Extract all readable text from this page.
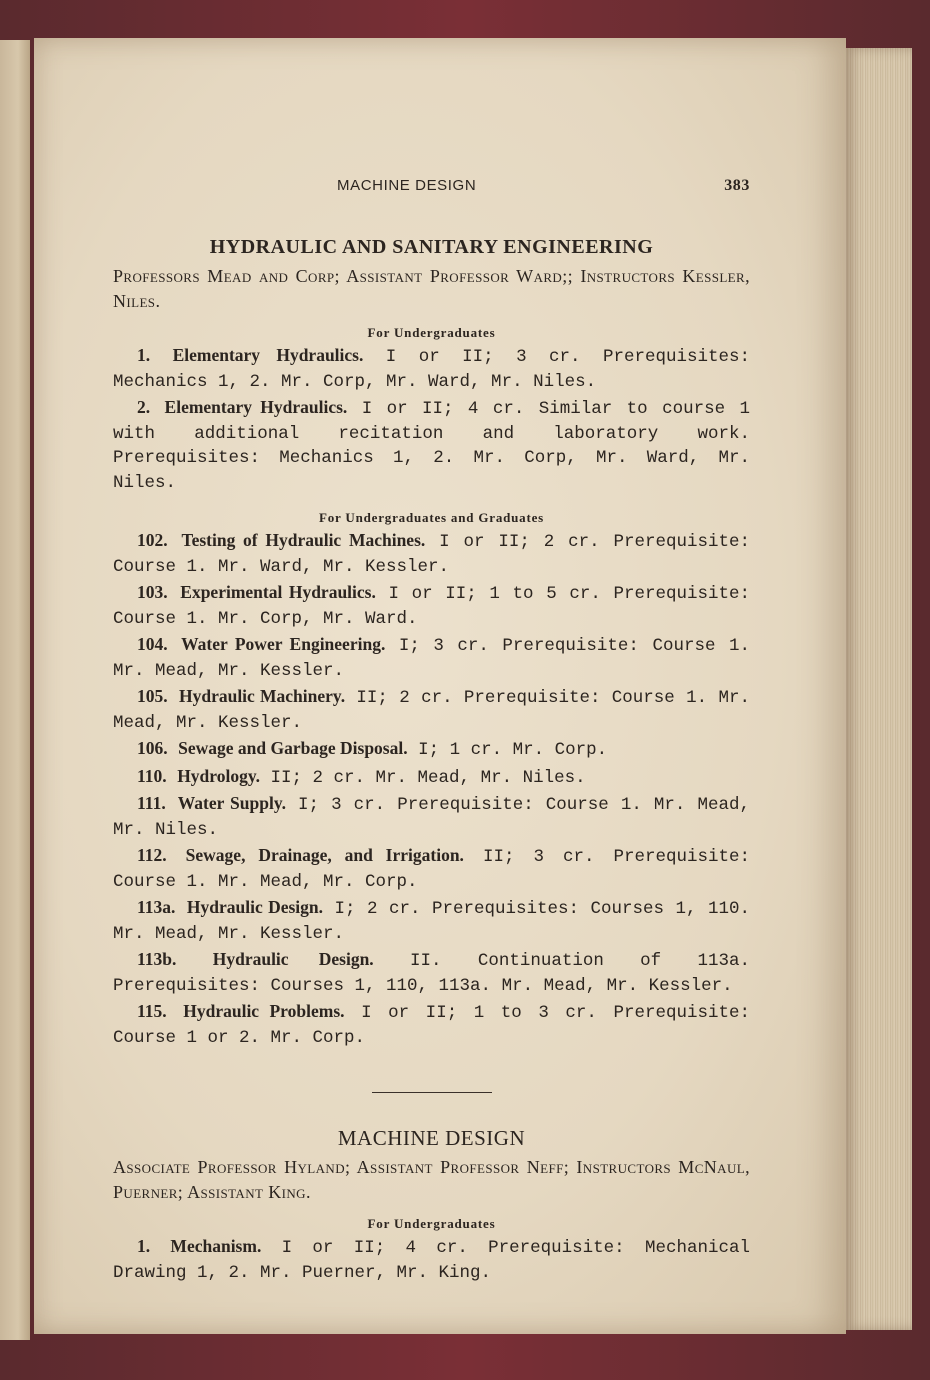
MACHINE DESIGN	383
HYDRAULIC AND SANITARY ENGINEERING
Professors Mead and Corp; Assistant Professor Ward;; Instructors Kessler, Niles.
For Undergraduates
1. Elementary Hydraulics. I or II; 3 cr. Prerequisites: Mechanics 1, 2. Mr. Corp, Mr. Ward, Mr. Niles.
2. Elementary Hydraulics. I or II; 4 cr. Similar to course 1 with additional recitation and laboratory work. Prerequisites: Mechanics 1, 2. Mr. Corp, Mr. Ward, Mr. Niles.
For Undergraduates and Graduates
102. Testing of Hydraulic Machines. I or II; 2 cr. Prerequisite: Course 1. Mr. Ward, Mr. Kessler.
103. Experimental Hydraulics. I or II; 1 to 5 cr. Prerequisite: Course 1. Mr. Corp, Mr. Ward.
104. Water Power Engineering. I; 3 cr. Prerequisite: Course 1. Mr. Mead, Mr. Kessler.
105. Hydraulic Machinery. II; 2 cr. Prerequisite: Course 1. Mr. Mead, Mr. Kessler.
106. Sewage and Garbage Disposal. I; 1 cr. Mr. Corp.
110. Hydrology. II; 2 cr. Mr. Mead, Mr. Niles.
111. Water Supply. I; 3 cr. Prerequisite: Course 1. Mr. Mead, Mr. Niles.
112. Sewage, Drainage, and Irrigation. II; 3 cr. Prerequisite: Course 1. Mr. Mead, Mr. Corp.
113a. Hydraulic Design. I; 2 cr. Prerequisites: Courses 1, 110. Mr. Mead, Mr. Kessler.
113b. Hydraulic Design. II. Continuation of 113a. Prerequisites: Courses 1, 110, 113a. Mr. Mead, Mr. Kessler.
115. Hydraulic Problems. I or II; 1 to 3 cr. Prerequisite: Course 1 or 2. Mr. Corp.
MACHINE DESIGN
Associate Professor Hyland; Assistant Professor Neff; Instructors McNaul, Puerner; Assistant King.
For Undergraduates
1. Mechanism. I or II; 4 cr. Prerequisite: Mechanical Drawing 1, 2. Mr. Puerner, Mr. King.
